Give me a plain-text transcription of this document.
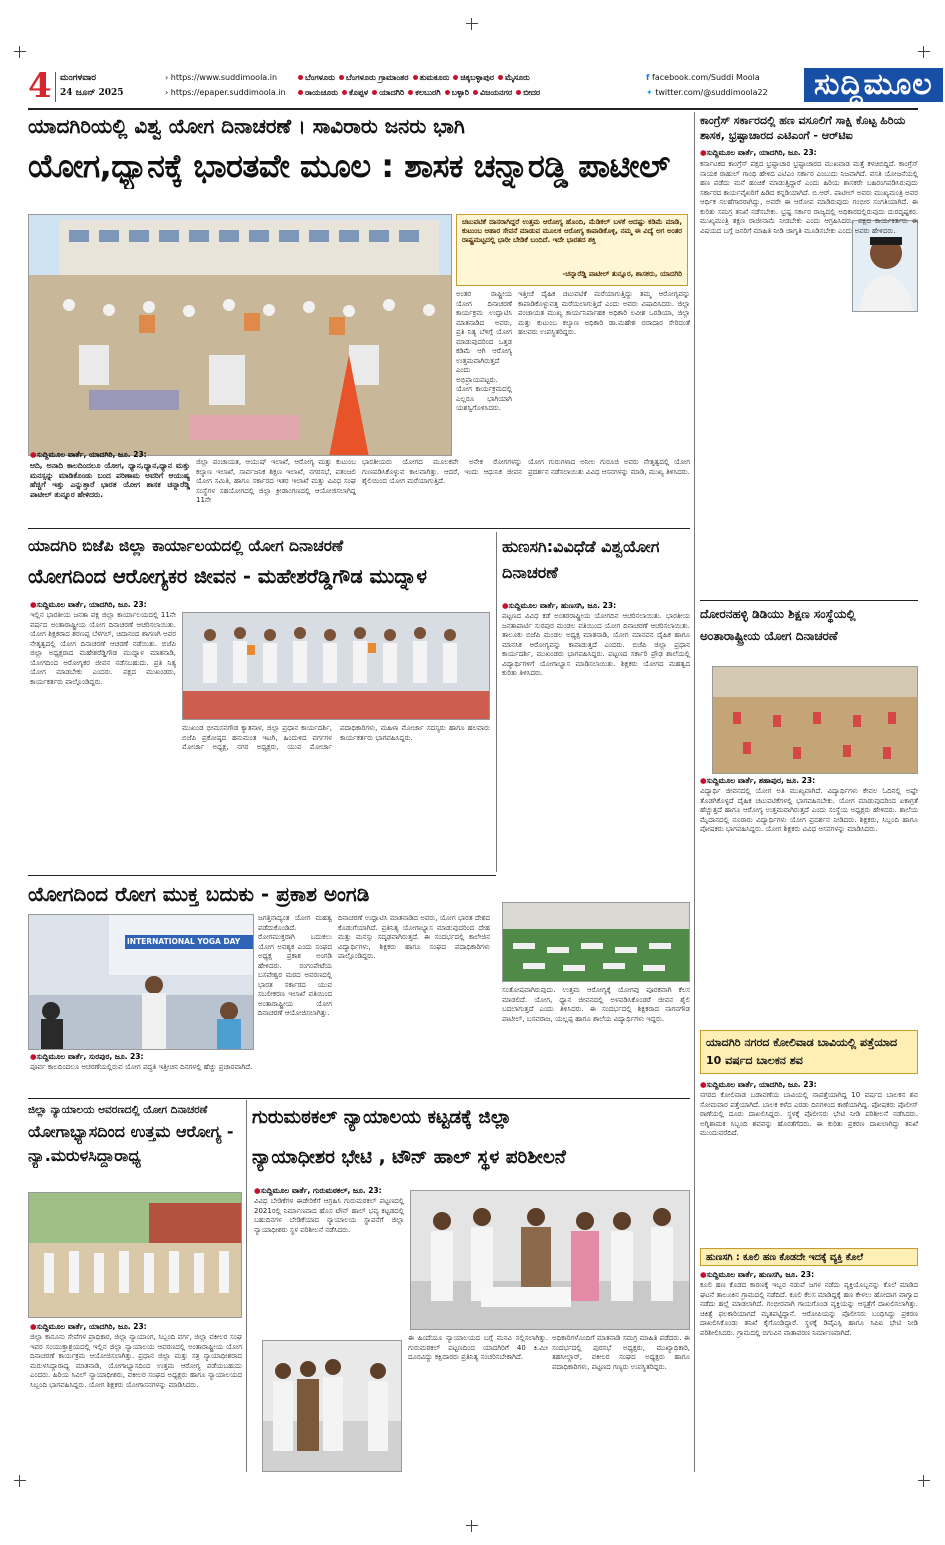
4 ಮಂಗಳವಾರ
24 ಜೂನ್ 2025
› https://www.suddimoola.in
› https://epaper.suddimoola.in
ಬೆಂಗಳೂರು ಬೆಂಗಳೂರು ಗ್ರಾಮಾಂತರ ತುಮಕೂರು ಚಿಕ್ಕಬಳ್ಳಾಪುರ ಮೈಸೂರು
ರಾಯಚೂರು ಕೊಪ್ಪಳ ಯಾದಗಿರಿ ಕಲಬುರಗಿ ಬಳ್ಳಾರಿ ವಿಜಯನಗರ ಬೀದರ
f facebook.com/Suddi Moola
✦ twitter.com/@suddimoola22	ಸುದ್ದಿಮೂಲ
ಯಾದಗಿರಿಯಲ್ಲಿ ವಿಶ್ವ ಯೋಗ ದಿನಾಚರಣೆ । ಸಾವಿರಾರು ಜನರು ಭಾಗಿ
ಯೋಗ,ಧ್ಯಾನಕ್ಕೆ ಭಾರತವೇ ಮೂಲ : ಶಾಸಕ ಚನ್ನಾರಡ್ಡಿ ಪಾಟೀಲ್
ಚಟುವಟಿಕೆ ದಾನರಾಗಿದ್ದರೆ ಉತ್ತಮ ಆರೋಗ್ಯ ಹೊಂದಿ, ಮೆಡಿಕಲ್ ಬಳಕೆ ಆದಷ್ಟು ಕಡಿಮೆ ಮಾಡಿ, ಕುಟುಂಬ ಆಹಾರ ಸೇವನೆ ಮಾಡುವ ಮೂಲಕ ಆರೋಗ್ಯ ಕಾಪಾಡಿಕೊಳ್ಳಿ, ನಮ್ಮ ಈ ವಿದ್ಯೆ ಅಗ ಅಂತರ ರಾಷ್ಟ್ರಮಟ್ಟದಲ್ಲಿ ಭಾರೀ ಬೇಡಿಕೆ ಬಂದಿದೆ. ಇದೇ ಭಾರತದ ಶಕ್ತಿ
-ಚನ್ನಾರೆಡ್ಡಿ ಪಾಟೀಲ್ ತುನ್ನೂರ, ಶಾಸಕರು, ಯಾದಗಿರಿ
●ಸುದ್ದಿಮೂಲ ವಾರ್ತೆ, ಯಾದಗಿರಿ, ಜೂ. 23:
ಆದಿ, ಅನಾದಿ ಕಾಲದಿಂದಲೂ ಯೋಗ, ಧ್ಯಾನ,ಧ್ಯಾನ,ಧ್ಯಾನ ಮತ್ತು ಮನಸ್ಸನ್ನು ಮಾಡಿಕೊಂಡು ಬಂದ ಪರಿಣಾಮ ಅವರಿಗೆ ಆಯುಷ್ಯ ಹೆಚ್ಚಿಗೆ ಇತ್ತು ಎನ್ನುತ್ತಾರೆ ಭಾರತ ಯೋಗ ಶಾಸಕ ಚನ್ನಾರೆಡ್ಡಿ ಪಾಟೀಲ್ ತುನ್ನೂರ ಹೇಳಿದರು.
ಅಂತರ ರಾಷ್ಟ್ರೀಯ ಯೋಗ ದಿನಾಚರಣೆ ಕಾರ್ಯಕ್ರಮ ಉದ್ಘಾಟಿಸಿ ಮಾತನಾಡಿದ ಅವರು, ಪ್ರತಿ ನಿತ್ಯ ಬೆಳಿಗ್ಗೆ ಯೋಗ ಮಾಡುವುದರಿಂದ ಒತ್ತಡ ಕಡಿಮೆ ಆಗಿ ಆರೋಗ್ಯ ಉತ್ತಮವಾಗಿರುತ್ತದೆ ಎಂದು ಅಭಿಪ್ರಾಯಪಟ್ಟರು. ಯೋಗ ಕಾರ್ಯಕ್ರಮದಲ್ಲಿ ಎಲ್ಲರೂ ಭಾಗಿಯಾಗಿ ಯಶಸ್ವಿಗೊಳಿಸಿದರು.
ಇತ್ತೀಚೆ ದೈಹಿಕ ಚಟುವಟಿಕೆ ಮರೆಯಾಗುತ್ತಿದ್ದು ತಮ್ಮ ಆರೋಗ್ಯವನ್ನು ಕಾಪಾಡಿಕೊಳ್ಳುವತ್ತ ಮರೆಯಲಾಗುತ್ತಿದೆ ಎಂದು ಅವರು ವಿಷಾದಿಸಿದರು. ಜಿಲ್ಲಾ ಪಂಚಾಯತ ಮುಖ್ಯ ಕಾರ್ಯನಿರ್ವಾಹಕ ಅಧಿಕಾರಿ ಲವೀಶ ಒರಡಿಯಾ, ಜಿಲ್ಲಾ ಮತ್ತು ಕುಟುಂಬ ಕಲ್ಯಾಣ ಅಧಿಕಾರಿ ಡಾ.ಮಹೇಶ ಬಿರಾದಾರ ಸೇರಿದಂತೆ ಹಲವರು ಉಪಸ್ಥಿತರಿದ್ದರು.
ಜಿಲ್ಲಾ ಪಂಚಾಯತ, ಆಯುಷ್ ಇಲಾಖೆ, ಆರೋಗ್ಯ ಮತ್ತು ಕುಟುಂಬ ಕಲ್ಯಾಣ ಇಲಾಖೆ, ಸಾರ್ವಜನಿಕ ಶಿಕ್ಷಣ ಇಲಾಖೆ, ನಗರಸಭೆ, ಪತಂಜಲಿ ಯೋಗ ಸಮಿತಿ, ಹಾಗೂ ಸರ್ಕಾರದ ಇತರ ಇಲಾಖೆ ಮತ್ತು ವಿವಿಧ ಸಂಘ ಸಂಸ್ಥೆಗಳ ಸಹಯೋಗದಲ್ಲಿ ಜಿಲ್ಲಾ ಕ್ರೀಡಾಂಗಣದಲ್ಲಿ ಆಯೋಜಿಸಲಾಗಿದ್ದ 11ನೇ
ಭಾರತೀಯರು ಯೋಗದ ಮೂಲಕವೇ ಅನೇಕ ರೋಗಗಳನ್ನು ಗುಣಪಡಿಸಿಕೊಳ್ಳುವ ಕಾಲವಾಗಿತ್ತು. ಆದರೆ, ಇಂದು ಆಧುನಿಕ ಜೀವನ ಶೈಲಿಯಿಂದ ಯೋಗ ಮರೆಯಾಗುತ್ತಿದೆ.
ಯೋಗ ಗುರುಗಳಾದ ಅನೀಲ ಗುರೂಜಿ ಅವರು ನೇತೃತ್ವದಲ್ಲಿ ಯೋಗ ಪ್ರದರ್ಶನ ನಡೆಸಲಾಯಿತು ವಿವಿಧ ಆಸನಗಳನ್ನು ಮಾಡಿ, ಮುಖ್ಯ ತಿಳಿಸಿದರು.
ಕಾಂಗ್ರೆಸ್ ಸರ್ಕಾರದಲ್ಲಿ ಹಣ ವಸೂಲಿಗೆ ಸಾಕ್ಷಿ ಕೊಟ್ಟ ಹಿರಿಯ ಶಾಸಕ, ಭ್ರಷ್ಟಾಚಾರದ ಎಟಿಎಂಗೆ - ಆರ್‌ಟಿಐ
●ಸುದ್ದಿಮೂಲ ವಾರ್ತೆ, ಯಾದಗಿರಿ, ಜೂ. 23:
ಕರ್ನಾಟಕದ ಕಾಂಗ್ರೆಸ್ ಪಕ್ಷದ ಭ್ರಷ್ಟಾಚಾರ ಭ್ರಷ್ಟಾಚಾರದ ಮುಖವಾಡ ಮತ್ತೆ ಕಳಚಿಬಿದ್ದಿದೆ. ಕಾಂಗ್ರೆಸ್ ನಾಯಕ ರಾಹುಲ್ ಗಾಂಧಿ ಹೇಳಿದ ಎಟಿಎಂ ಸರ್ಕಾರ ಎಂಬುದು ನಿಜವಾಗಿದೆ. ವಸತಿ ಯೋಜನೆಯಲ್ಲಿ ಹಣ ಪಡೆದು ಮನೆ ಹಂಚಿಕೆ ಮಾಡುತ್ತಿದ್ದಾರೆ ಎಂದು ಹಿರಿಯ ಶಾಸಕರೇ ಬಹಿರಂಗಪಡಿಸಿರುವುದು ಸರ್ಕಾರದ ಕಾರ್ಯವೈಖರಿಗೆ ಹಿಡಿದ ಕನ್ನಡಿಯಾಗಿದೆ. ಬಿ.ಆರ್. ಪಾಟೀಲ್ ಅವರು ಮುಖ್ಯಮಂತ್ರಿ ಅವರ ಆರ್ಥಿಕ ಸಲಹೆಗಾರರಾಗಿದ್ದು, ಅವರೇ ಈ ಆರೋಪ ಮಾಡಿರುವುದು ಗಂಭೀರ ಸಂಗತಿಯಾಗಿದೆ. ಈ ಕುರಿತು ಸಮಗ್ರ ತನಿಖೆ ನಡೆಸಬೇಕು. ಭ್ರಷ್ಟ ಸರ್ಕಾರ ರಾಜ್ಯದಲ್ಲಿ ಅಧಿಕಾರದಲ್ಲಿರುವುದು ದುರದೃಷ್ಟಕರ. ಮುಖ್ಯಮಂತ್ರಿ ತಕ್ಷಣ ರಾಜೀನಾಮೆ ನೀಡಬೇಕು ಎಂದು ಆಗ್ರಹಿಸಿದರು. ಪಕ್ಷದ ಕಾರ್ಯಕರ್ತರು ಈ ವಿಷಯದ ಬಗ್ಗೆ ಜನರಿಗೆ ಮಾಹಿತಿ ನೀಡಿ ಜಾಗೃತಿ ಮೂಡಿಸಬೇಕು ಎಂದು ಅವರು ಹೇಳಿದರು.
ದೋರನಹಳ್ಳಿ ಡಿಡಿಯು ಶಿಕ್ಷಣ ಸಂಸ್ಥೆಯಲ್ಲಿ ಅಂತಾರಾಷ್ಟ್ರೀಯ ಯೋಗ ದಿನಾಚರಣೆ
●ಸುದ್ದಿಮೂಲ ವಾರ್ತೆ, ಶಹಾಪುರ, ಜೂ. 23:
ವಿದ್ಯಾರ್ಥಿ ಜೀವನದಲ್ಲಿ ಯೋಗ ಅತಿ ಮುಖ್ಯವಾಗಿದೆ. ವಿದ್ಯಾರ್ಥಿಗಳು ಕೇವಲ ಓದಿನಲ್ಲಿ ಅಷ್ಟೇ ತೊಡಗಿಕೊಳ್ಳದೆ ದೈಹಿಕ ಚಟುವಟಿಕೆಗಳಲ್ಲಿ ಭಾಗವಹಿಸಬೇಕು. ಯೋಗ ಮಾಡುವುದರಿಂದ ಏಕಾಗ್ರತೆ ಹೆಚ್ಚುತ್ತದೆ ಹಾಗೂ ಆರೋಗ್ಯ ಉತ್ತಮವಾಗಿರುತ್ತದೆ ಎಂದು ಸಂಸ್ಥೆಯ ಅಧ್ಯಕ್ಷರು ಹೇಳಿದರು. ಶಾಲೆಯ ಮೈದಾನದಲ್ಲಿ ನೂರಾರು ವಿದ್ಯಾರ್ಥಿಗಳು ಯೋಗ ಪ್ರದರ್ಶನ ನೀಡಿದರು. ಶಿಕ್ಷಕರು, ಸಿಬ್ಬಂದಿ ಹಾಗೂ ಪೋಷಕರು ಭಾಗವಹಿಸಿದ್ದರು. ಯೋಗ ಶಿಕ್ಷಕರು ವಿವಿಧ ಆಸನಗಳನ್ನು ಮಾಡಿಸಿದರು.
ಯಾದಗಿರಿ ನಗರದ ಕೋಲಿವಾಡ ಬಾವಿಯಲ್ಲಿ ಪತ್ತೆಯಾದ 10 ವರ್ಷದ ಬಾಲಕನ ಶವ
●ಸುದ್ದಿಮೂಲ ವಾರ್ತೆ, ಯಾದಗಿರಿ, ಜೂ. 23:
ನಗರದ ಕೋಲಿವಾಡ ಬಡಾವಣೆಯ ಬಾವಿಯಲ್ಲಿ ನಾಪತ್ತೆಯಾಗಿದ್ದ 10 ವರ್ಷದ ಬಾಲಕನ ಶವ ಸೋಮವಾರ ಪತ್ತೆಯಾಗಿದೆ. ಬಾಲಕ ಕಳೆದ ಎರಡು ದಿನಗಳಿಂದ ಕಾಣೆಯಾಗಿದ್ದ. ಪೋಷಕರು ಪೊಲೀಸ್ ಠಾಣೆಯಲ್ಲಿ ದೂರು ದಾಖಲಿಸಿದ್ದರು. ಸ್ಥಳಕ್ಕೆ ಪೊಲೀಸರು ಭೇಟಿ ನೀಡಿ ಪರಿಶೀಲನೆ ನಡೆಸಿದರು. ಅಗ್ನಿಶಾಮಕ ಸಿಬ್ಬಂದಿ ಶವವನ್ನು ಹೊರತೆಗೆದರು. ಈ ಕುರಿತು ಪ್ರಕರಣ ದಾಖಲಾಗಿದ್ದು ತನಿಖೆ ಮುಂದುವರೆದಿದೆ.
ಹುಣಸಗಿ : ಕೂಲಿ ಹಣ ಕೊಡದೇ ಇದಕ್ಕೆ ವ್ಯಕ್ತಿ ಕೊಲೆ
●ಸುದ್ದಿಮೂಲ ವಾರ್ತೆ, ಹುಣಸಗಿ, ಜೂ. 23:
ಕೂಲಿ ಹಣ ಕೊಡದ ಕಾರಣಕ್ಕೆ ಇಬ್ಬರ ನಡುವೆ ಜಗಳ ನಡೆದು ವ್ಯಕ್ತಿಯೊಬ್ಬನನ್ನು ಕೊಲೆ ಮಾಡಿದ ಘಟನೆ ತಾಲೂಕಿನ ಗ್ರಾಮದಲ್ಲಿ ನಡೆದಿದೆ. ಕೂಲಿ ಕೆಲಸ ಮಾಡಿದ್ದಕ್ಕೆ ಹಣ ಕೇಳಲು ಹೋದಾಗ ವಾಗ್ವಾದ ನಡೆದು ಹಲ್ಲೆ ಮಾಡಲಾಗಿದೆ. ಗಂಭೀರವಾಗಿ ಗಾಯಗೊಂಡ ವ್ಯಕ್ತಿಯನ್ನು ಆಸ್ಪತ್ರೆಗೆ ದಾಖಲಿಸಲಾಗಿತ್ತು. ಚಿಕಿತ್ಸೆ ಫಲಕಾರಿಯಾಗದೆ ಮೃತಪಟ್ಟಿದ್ದಾನೆ. ಆರೋಪಿಯನ್ನು ಪೊಲೀಸರು ಬಂಧಿಸಿದ್ದು ಪ್ರಕರಣ ದಾಖಲಿಸಿಕೊಂಡು ತನಿಖೆ ಕೈಗೊಂಡಿದ್ದಾರೆ. ಸ್ಥಳಕ್ಕೆ ಡಿವೈಎಸ್ಪಿ ಹಾಗೂ ಸಿಪಿಐ ಭೇಟಿ ನೀಡಿ ಪರಿಶೀಲಿಸಿದರು. ಗ್ರಾಮದಲ್ಲಿ ಬಿಗುವಿನ ವಾತಾವರಣ ನಿರ್ಮಾಣವಾಗಿದೆ.
ಯಾದಗಿರಿ ಬಿಜೆಪಿ ಜಿಲ್ಲಾ ಕಾರ್ಯಾಲಯದಲ್ಲಿ ಯೋಗ ದಿನಾಚರಣೆ
ಯೋಗದಿಂದ ಆರೋಗ್ಯಕರ ಜೀವನ - ಮಹೇಶರೆಡ್ಡಿಗೌಡ ಮುದ್ನಾಳ
●ಸುದ್ದಿಮೂಲ ವಾರ್ತೆ, ಯಾದಗಿರಿ, ಜೂ. 23:
ಇಲ್ಲಿನ ಭಾರತೀಯ ಜನತಾ ಪಕ್ಷ ಜಿಲ್ಲಾ ಕಾರ್ಯಾಲಯದಲ್ಲಿ 11ನೇ ವರ್ಷದ ಅಂತಾರಾಷ್ಟ್ರೀಯ ಯೋಗ ದಿನಾಚರಣೆ ಆಚರಿಸಲಾಯಿತು. ಯೋಗ ಶಿಕ್ಷಕರಾದ ಶರಣಪ್ಪ ಬೆಳಗಲ್, ಚಿದಾನಂದ ಶಾಗಣಗಿ ಅವರ ನೇತೃತ್ವದಲ್ಲಿ ಯೋಗ ದಿನಾಚರಣೆ ಆಚರಣೆ ನಡೆಯಿತು. ಬಿಜೆಪಿ ಜಿಲ್ಲಾ ಅಧ್ಯಕ್ಷರಾದ ಮಹೇಶರೆಡ್ಡಿಗೌಡ ಮುದ್ನಾಳ ಮಾತನಾಡಿ, ಯೋಗದಿಂದ ಆರೋಗ್ಯಕರ ಜೀವನ ನಡೆಸಬಹುದು. ಪ್ರತಿ ನಿತ್ಯ ಯೋಗ ಮಾಡಬೇಕು ಎಂದರು. ಪಕ್ಷದ ಮುಖಂಡರು, ಕಾರ್ಯಕರ್ತರು ಪಾಲ್ಗೊಂಡಿದ್ದರು.
ಮುಖಂಡ ಭೀಮಸನಗೌಡ ಕ್ಯಾತನಾಳ, ಜಿಲ್ಲಾ ಪ್ರಧಾನ ಕಾರ್ಯದರ್ಶಿ, ಬಿಜೆಪಿ ಪ್ರಕೋಷ್ಠದ ಹನುಮಂತ ಇಟಗಿ, ಹಿಂದುಳಿದ ವರ್ಗಗಳ ಮೋರ್ಚಾ ಅಧ್ಯಕ್ಷ, ನಗರ ಅಧ್ಯಕ್ಷರು, ಯುವ ಮೋರ್ಚಾ ಪದಾಧಿಕಾರಿಗಳು, ಮಹಿಳಾ ಮೋರ್ಚಾ ಸದಸ್ಯರು ಹಾಗೂ ಹಲವಾರು ಕಾರ್ಯಕರ್ತರು ಭಾಗವಹಿಸಿದ್ದರು.
ಹುಣಸಗಿ:ವಿವಿಧೆಡೆ ವಿಶ್ವಯೋಗ ದಿನಾಚರಣೆ
●ಸುದ್ದಿಮೂಲ ವಾರ್ತೆ, ಹುಣಸಗಿ, ಜೂ. 23:
ಪಟ್ಟಣದ ವಿವಿಧ ಕಡೆ ಅಂತರರಾಷ್ಟ್ರೀಯ ಯೋಗದಿನ ಆಚರಿಸಲಾಯಿತು. ಭಾರತೀಯ ಜನತಾಪಾರ್ಟಿ ಸುರಪುರ ಮಂಡಲ ವತಿಯಿಂದ ಯೋಗ ದಿನಾಚರಣೆ ಆಚರಿಸಲಾಯಿತು. ತಾಲೂಕು ಬಿಜೆಪಿ ಮಂಡಲ ಅಧ್ಯಕ್ಷ ಮಾತನಾಡಿ, ಯೋಗ ಮಾನವನ ದೈಹಿಕ ಹಾಗೂ ಮಾನಸಿಕ ಆರೋಗ್ಯವನ್ನು ಕಾಪಾಡುತ್ತದೆ ಎಂದರು. ಬಿಜೆಪಿ ಜಿಲ್ಲಾ ಪ್ರಧಾನ ಕಾರ್ಯದರ್ಶಿ, ಮುಖಂಡರು ಭಾಗವಹಿಸಿದ್ದರು. ಪಟ್ಟಣದ ಸರ್ಕಾರಿ ಪ್ರೌಢ ಶಾಲೆಯಲ್ಲಿ ವಿದ್ಯಾರ್ಥಿಗಳಿಗೆ ಯೋಗಾಭ್ಯಾಸ ಮಾಡಿಸಲಾಯಿತು. ಶಿಕ್ಷಕರು ಯೋಗದ ಮಹತ್ವದ ಕುರಿತು ತಿಳಿಸಿದರು.
ಸಂತೋಷವಾಗಿರುವುದು. ಉತ್ತಮ ಆರೋಗ್ಯಕ್ಕೆ ಯೋಗವು ಪೂರಕವಾಗಿ ಕೆಲಸ ಮಾಡಲಿದೆ. ಯೋಗ, ಧ್ಯಾನ ಜೀವನದಲ್ಲಿ ಅಳವಡಿಸಿಕೊಂಡರೆ ಜೀವನ ಶೈಲಿ ಬದಲಾಗುತ್ತದೆ ಎಂದು ತಿಳಿಸಿದರು. ಈ ಸಂದರ್ಭದಲ್ಲಿ ಶಿಕ್ಷಕರಾದ ನಾಗನಗೌಡ ಪಾಟೀಲ್, ಬಸವರಾಜ, ಯಲ್ಲಪ್ಪ ಹಾಗೂ ಶಾಲೆಯ ವಿದ್ಯಾರ್ಥಿಗಳು ಇದ್ದರು.
ಯೋಗದಿಂದ ರೋಗ ಮುಕ್ತ ಬದುಕು - ಪ್ರಕಾಶ ಅಂಗಡಿ
INTERNATIONAL YOGA DAY
●ಸುದ್ದಿಮೂಲ ವಾರ್ತೆ, ಸುರಪುರ, ಜೂ. 23:
ಪೂರ್ವ ಕಾಲದಿಂದಲೂ ಆಚರಣೆಯಲ್ಲಿರುವ ಯೋಗ ಪದ್ಧತಿ ಇತ್ತೀಚಿನ ದಿನಗಳಲ್ಲಿ ಹೆಚ್ಚು ಪ್ರಚಾರವಾಗಿದೆ.
ಜಗತ್ತಿನಾದ್ಯಂತ ಯೋಗ ಮಹತ್ವ ಪಡೆದುಕೊಂಡಿದೆ. ರೋಗಮುಕ್ತರಾಗಿ ಬದುಕಲು ಯೋಗ ಅವಶ್ಯಕ ಎಂದು ಸಂಘದ ಅಧ್ಯಕ್ಷ ಪ್ರಕಾಶ ಅಂಗಡಿ ಹೇಳಿದರು. ರಂಗಂಪೇಟೆಯ ಬಸವೇಶ್ವರ ಮಠದ ಆವರಣದಲ್ಲಿ ಭಾರತ ಸರ್ಕಾರದ ಯುವ ಸಬಲೀಕರಣ ಇಲಾಖೆ ವತಿಯಿಂದ ಅಂತಾರಾಷ್ಟ್ರೀಯ ಯೋಗ ದಿನಾಚರಣೆ ಆಯೋಜಿಸಲಾಗಿತ್ತು.
ದಿನಾಚರಣೆ ಉದ್ಘಾಟಿಸಿ ಮಾತನಾಡಿದ ಅವರು, ಯೋಗ ಭಾರತ ದೇಶದ ಕೊಡುಗೆಯಾಗಿದೆ. ಪ್ರತಿನಿತ್ಯ ಯೋಗಾಭ್ಯಾಸ ಮಾಡುವುದರಿಂದ ದೇಹ ಮತ್ತು ಮನಸ್ಸು ಸದೃಢವಾಗಿರುತ್ತದೆ. ಈ ಸಂದರ್ಭದಲ್ಲಿ ಕಾಲೇಜಿನ ವಿದ್ಯಾರ್ಥಿಗಳು, ಶಿಕ್ಷಕರು ಹಾಗೂ ಸಂಘದ ಪದಾಧಿಕಾರಿಗಳು ಪಾಲ್ಗೊಂಡಿದ್ದರು.
ಜಿಲ್ಲಾ ನ್ಯಾಯಾಲಯ ಆವರಣದಲ್ಲಿ ಯೋಗ ದಿನಾಚರಣೆ
ಯೋಗಾಭ್ಯಾಸದಿಂದ ಉತ್ತಮ ಆರೋಗ್ಯ - ನ್ಯಾ.ಮರುಳಸಿದ್ದಾರಾಧ್ಯ
●ಸುದ್ದಿಮೂಲ ವಾರ್ತೆ, ಯಾದಗಿರಿ, ಜೂ. 23:
ಜಿಲ್ಲಾ ಕಾನೂನು ಸೇವೆಗಳ ಪ್ರಾಧಿಕಾರ, ಜಿಲ್ಲಾ ನ್ಯಾಯಾಂಗ, ಸಿಬ್ಬಂದಿ ವರ್ಗ, ಜಿಲ್ಲಾ ವಕೀಲರ ಸಂಘ ಇವರ ಸಂಯುಕ್ತಾಶ್ರಯದಲ್ಲಿ ಇಲ್ಲಿನ ಜಿಲ್ಲಾ ನ್ಯಾಯಾಲಯ ಆವರಣದಲ್ಲಿ ಅಂತಾರಾಷ್ಟ್ರೀಯ ಯೋಗ ದಿನಾಚರಣೆ ಕಾರ್ಯಕ್ರಮ ಆಯೋಜಿಸಲಾಗಿತ್ತು. ಪ್ರಧಾನ ಜಿಲ್ಲಾ ಮತ್ತು ಸತ್ರ ನ್ಯಾಯಾಧೀಶರಾದ ಮರುಳಸಿದ್ದಾರಾಧ್ಯ ಮಾತನಾಡಿ, ಯೋಗಾಭ್ಯಾಸದಿಂದ ಉತ್ತಮ ಆರೋಗ್ಯ ಪಡೆಯಬಹುದು ಎಂದರು. ಹಿರಿಯ ಸಿವಿಲ್ ನ್ಯಾಯಾಧೀಶರು, ವಕೀಲರ ಸಂಘದ ಅಧ್ಯಕ್ಷರು ಹಾಗೂ ನ್ಯಾಯಾಲಯದ ಸಿಬ್ಬಂದಿ ಭಾಗವಹಿಸಿದ್ದರು. ಯೋಗ ಶಿಕ್ಷಕರು ಯೋಗಾಸನಗಳನ್ನು ಮಾಡಿಸಿದರು.
ಗುರುಮಠಕಲ್ ನ್ಯಾಯಾಲಯ ಕಟ್ಟಡಕ್ಕೆ ಜಿಲ್ಲಾ
ನ್ಯಾಯಾಧೀಶರ ಭೇಟಿ , ಟೌನ್ ಹಾಲ್ ಸ್ಥಳ ಪರಿಶೀಲನೆ
●ಸುದ್ದಿಮೂಲ ವಾರ್ತೆ, ಗುರುಮಠಕಲ್, ಜೂ. 23:
ವಿವಿಧ ಬೇಡಿಕೆಗಳ ಈಡೇರಿಕೆಗೆ ಆಗ್ರಹಿಸಿ ಗುರುಮಠಕಲ್ ಪಟ್ಟಣದಲ್ಲಿ 2021ರಲ್ಲಿ ನಿರ್ಮಾಣವಾದ ಹೊಸ ಟೌನ್ ಹಾಲ್ ಭವ್ಯ ಕಟ್ಟಡದಲ್ಲಿ ಬಹುದಿನಗಳ ಬೇಡಿಕೆಯಾದ ನ್ಯಾಯಾಲಯ ಸ್ಥಾಪನೆಗೆ ಜಿಲ್ಲಾ ನ್ಯಾಯಾಧೀಶರು ಸ್ಥಳ ಪರಿಶೀಲನೆ ನಡೆಸಿದರು.
ಈ ಹಿಂದೆಯೂ ನ್ಯಾಯಾಲಯದ ಬಗ್ಗೆ ಮನವಿ ಸಲ್ಲಿಸಲಾಗಿತ್ತು. ಗುರುಮಠಕಲ್ ಪಟ್ಟಣದಿಂದ ಯಾದಗಿರಿಗೆ 40 ಕಿ.ಮೀ ದೂರವಿದ್ದು ಕಕ್ಷಿದಾರರು ಪ್ರತಿನಿತ್ಯ ಸಂಚರಿಸಬೇಕಾಗಿದೆ.
ಅಧಿಕಾರಿಗಳೊಂದಿಗೆ ಮಾತನಾಡಿ ಸಮಗ್ರ ಮಾಹಿತಿ ಪಡೆದರು. ಈ ಸಂದರ್ಭದಲ್ಲಿ ಪುರಸಭೆ ಅಧ್ಯಕ್ಷರು, ಮುಖ್ಯಾಧಿಕಾರಿ, ತಹಸೀಲ್ದಾರ್, ವಕೀಲರ ಸಂಘದ ಅಧ್ಯಕ್ಷರು ಹಾಗೂ ಪದಾಧಿಕಾರಿಗಳು, ಪಟ್ಟಣದ ಗಣ್ಯರು ಉಪಸ್ಥಿತರಿದ್ದರು.
